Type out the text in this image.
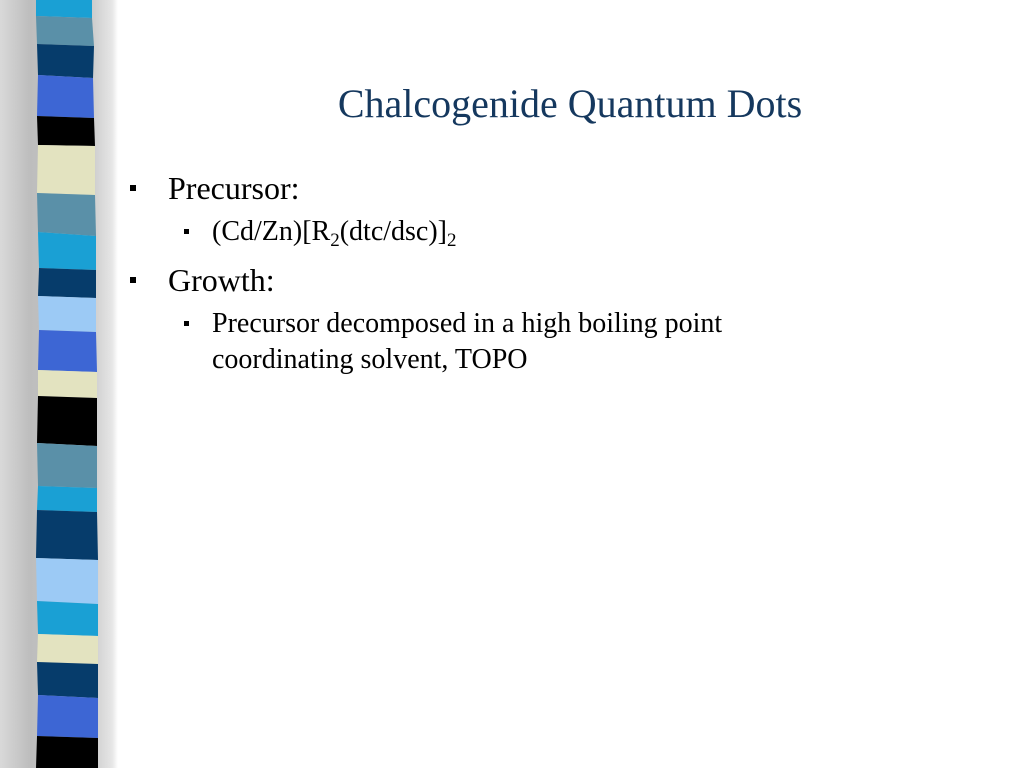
Chalcogenide Quantum Dots
Precursor:
$(Cd/Zn)[R_2(dtc/dsc)]_2$
Growth:
Precursor decomposed in a high boiling point
coordinating solvent, TOPO
